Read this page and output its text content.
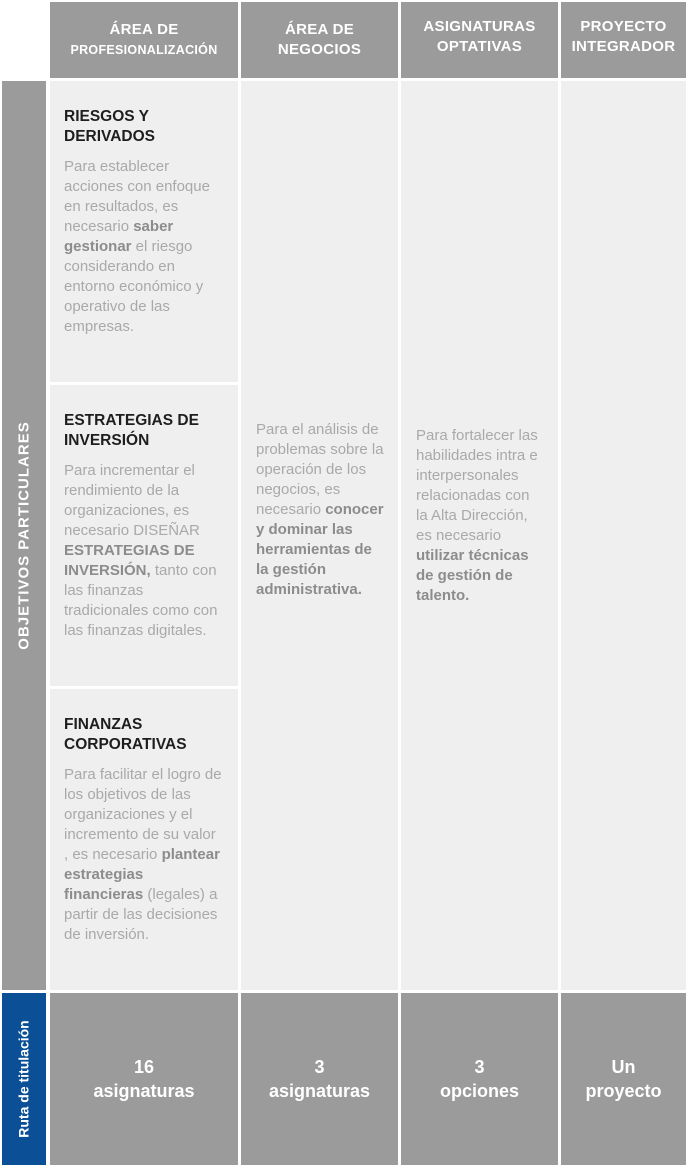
ÁREA DE
PROFESIONALIZACIÓN
ÁREA DE
NEGOCIOS
ASIGNATURAS
OPTATIVAS
PROYECTO
INTEGRADOR
OBJETIVOS PARTICULARES
Ruta de titulación
RIESGOS Y DERIVADOS

Para establecer acciones con enfoque en resultados, es necesario saber gestionar el riesgo considerando en entorno económico y operativo de las empresas.

ESTRATEGIAS DE INVERSIÓN

Para incrementar el rendimiento de la organizaciones, es necesario DISEÑAR ESTRATEGIAS DE INVERSIÓN, tanto con las finanzas tradicionales como con las finanzas digitales.

FINANZAS CORPORATIVAS

Para facilitar el logro de los objetivos de las organizaciones y el incremento de su valor , es necesario plantear estrategias financieras (legales) a partir de las decisiones de inversión.

Para el análisis de problemas sobre la operación de los negocios, es necesario conocer y dominar las herramientas de la gestión administrativa.

Para fortalecer las habilidades intra e interpersonales relacionadas con la Alta Dirección, es necesario utilizar técnicas de gestión de talento.

16
asignaturas
3
asignaturas
3
opciones
Un
proyecto
